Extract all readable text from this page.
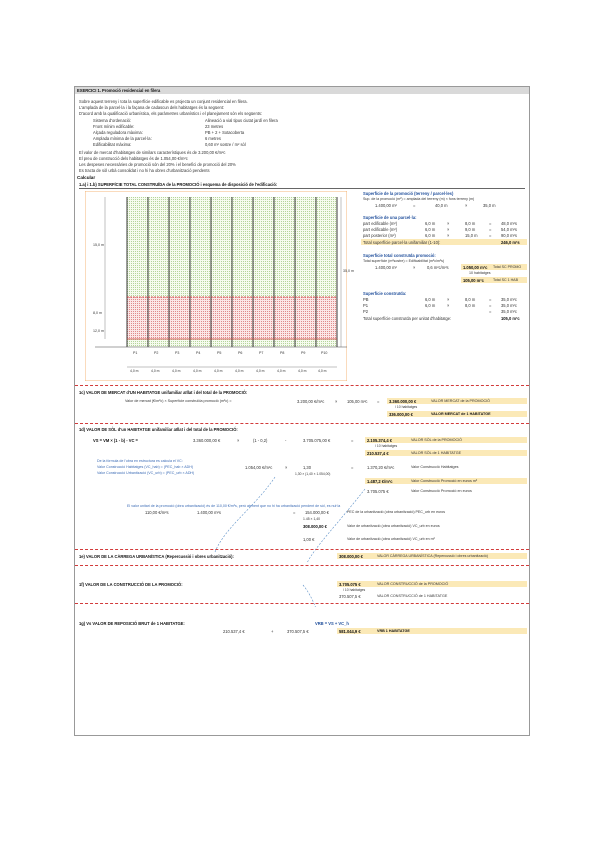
EXERCICI 1. Promoció residencial en filera
Sobre aquest terreny i tota la superfície edificable es projecta un conjunt residencial en filera.
L'amplada de la parcel·la i la façana de cadascun dels habitatges és la següent:
D'acord amb la qualificació urbanística, els paràmetres urbanístics i el planejament són els següents:
Sistema d'ordenació:	Alineació a vial tipus ciutat jardí en filera
Front mínim edificable:	23 metres
Alçada reguladora màxima:	PB + 2 + Sotacoberta
Amplada mínima de la parcel·la:	6 metres
Edificabilitat màxima:	0,60 m² sostre / m² sòl
El valor de mercat d'habitatges de similars característiques és de 3.200,00 €/m²c
El preu de construcció dels habitatges és de 1.054,00 €/m²c
Les despeses necessàries de promoció són del 20% i el benefici de promoció del 20%
Es tracta de sòl urbà consolidat i no hi ha obres d'urbanització pendents
Calcular
1.a) i 1.b) SUPERFÍCIE TOTAL CONSTRUÏDA de la PROMOCIÓ i esquema de disposició de l'edificació:
15,0 m
8,0 m
12,0 m
35,0 m
P1	P2	P3	P4	P5	P6	P7	P8	P9	P10
4,0 m	4,0 m	4,0 m	4,0 m	4,0 m	4,0 m	4,0 m	4,0 m	4,0 m	4,0 m
Superfície de la promoció (terreny / parcel·les)
Sup. de la promoció (m²) = amplada del terreny (m) × fons terreny (m)
1.400,00 m²	=	40,0 m	×	35,0 m
Superfície de una parcel·la:
part edificable (m²)	6,0 m	×	8,0 m	= 48,0 m²s
part edificable (m²)	6,0 m	×	9,0 m	= 54,0 m²s
part posterior (m²)	6,0 m	×	15,0 m	= 90,0 m²s
Total superfície parcel·la unifamiliar (1-10):	246,0 m²s
Superfície total construïda promoció:
Total superfície (m²sostre) = Edificabilitat (m²c/m²s)
1.400,00 m²	×	0,6 m²c/m²s	1.050,00 m²c Total SC PROMO
10 habitatges
105,00 m²c	Total SC 1 HAB
Superfície construïda:
PB	6,0 m	×	8,0 m	= 35,0 m²c
P1	6,0 m	×	8,0 m	= 35,0 m²c
P2	= 35,0 m²c
Total superfície construïda per unitat d'habitatge:	105,0 m²c
1c) VALOR DE MERCAT d'UN HABITATGE unifamiliar aïllat i del total de la PROMOCIÓ:
Valor de mercat (€/m²c) × Superfície construïda promoció (m²c) =	3.200,00 €/m²c	× 105,00 m²c = 3.360.000,00 €	VALOR MERCAT de la PROMOCIÓ
/ 10 habitatges
336.000,00 €	VALOR MERCAT de 1 HABITATGE
1d) VALOR DE SÒL d'un HABITATGE unifamiliar aïllat i del total de la PROMOCIÓ:
VS = VM × (1 - b) - VC =	3.360.000,00 €	×	(1 - 0,2)	-	3.705.075,00 €	=	2.105.374,4 €	VALOR SÒL de la PROMOCIÓ
/ 10 habitatges
210.537,4 €	VALOR SÒL de 1 HABITATGE
De la fórmula de l'obra en estructura es calcula el VC:
Valor Construcció Habitatges (VC_hab) = (PEC_hab × ADH)
Valor Construcció Urbanització (VC_urb) = (PEC_urb × ADH)
1.054,00 €/m²c	×	1,30	=	1.370,20 €/m²c	Valor Construcció Habitatges
1,30 × (1,40 × 1.054,00)
1.487,2 €/m²c	Valor Construcció Promoció en euros m²
3.705.075 €	Valor Construcció Promoció en euros
El valor unitari de la promoció (obra urbanització) és de 110,00 €/m²s, però atenent que no hi ha urbanització pendent de sòl, es nul·la
110,00 €/m²s	1.400,00 m²s	= 154.000,00 €	PEC de la urbanització (obra urbanització) PEC_urb en euros
1.45 × 1,40
308.000,00 €	Valor de urbanització (obra urbanització) VC_urb en euros
1,00 €	Valor de urbanització (obra urbanització) VC_urb en m²
1e) VALOR DE LA CÀRREGA URBANÍSTICA (Repercussió i obres urbanització):	308.000,00 €	VALOR CÀRREGA URBANÍSTICA (Repercussió i obres urbanització)
1f) VALOR DE LA CONSTRUCCIÓ DE LA PROMOCIÓ:	3.705.075 €	VALOR CONSTRUCCIÓ de la PROMOCIÓ
/ 10 habitatges
370.507,5 €	VALOR CONSTRUCCIÓ de 1 HABITATGE
1g) Vs VALOR DE REPOSICIÓ BRUT de 1 HABITATGE:	VRB = VS + VC_h
210.537,4 €	+	370.507,5 €	581.044,9 €	VRB 1 HABITATGE
